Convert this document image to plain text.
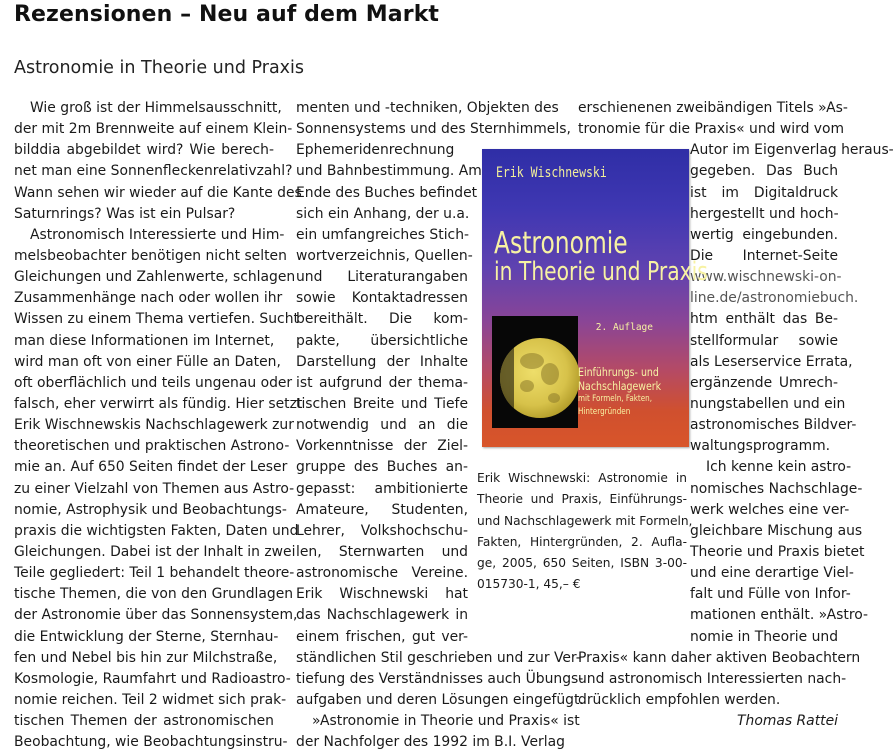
Rezensionen – Neu auf dem Markt
Astronomie in Theorie und Praxis
Wie groß ist der Himmelsausschnitt,
der mit 2m Brennweite auf einem Klein-
bilddia abgebildet wird? Wie berech-
net man eine Sonnenfleckenrelativzahl?
Wann sehen wir wieder auf die Kante des
Saturnrings? Was ist ein Pulsar?
Astronomisch Interessierte und Him-
melsbeobachter benötigen nicht selten
Gleichungen und Zahlenwerte, schlagen
Zusammenhänge nach oder wollen ihr
Wissen zu einem Thema vertiefen. Sucht
man diese Informationen im Internet,
wird man oft von einer Fülle an Daten,
oft oberflächlich und teils ungenau oder
falsch, eher verwirrt als fündig. Hier setzt
Erik Wischnewskis Nachschlagewerk zur
theoretischen und praktischen Astrono-
mie an. Auf 650 Seiten findet der Leser
zu einer Vielzahl von Themen aus Astro-
nomie, Astrophysik und Beobachtungs-
praxis die wichtigsten Fakten, Daten und
Gleichungen. Dabei ist der Inhalt in zwei
Teile gegliedert: Teil 1 behandelt theore-
tische Themen, die von den Grundlagen
der Astronomie über das Sonnensystem,
die Entwicklung der Sterne, Sternhau-
fen und Nebel bis hin zur Milchstraße,
Kosmologie, Raumfahrt und Radioastro-
nomie reichen. Teil 2 widmet sich prak-
tischen Themen der astronomischen
Beobachtung, wie Beobachtungsinstru-
menten und -techniken, Objekten des
Sonnensystems und des Sternhimmels,
Ephemeridenrechnung
und Bahnbestimmung. Am
Ende des Buches befindet
sich ein Anhang, der u.a.
ein umfangreiches Stich-
wortverzeichnis, Quellen-
und Literaturangaben
sowie Kontaktadressen
bereithält. Die kom-
pakte, übersichtliche
Darstellung der Inhalte
ist aufgrund der thema-
tischen Breite und Tiefe
notwendig und an die
Vorkenntnisse der Ziel-
gruppe des Buches an-
gepasst: ambitionierte
Amateure, Studenten,
Lehrer, Volkshochschu-
len, Sternwarten und
astronomische Vereine.
Erik Wischnewski hat
das Nachschlagewerk in
einem frischen, gut ver-
ständlichen Stil geschrieben und zur Ver-
tiefung des Verständnisses auch Übungs-
aufgaben und deren Lösungen eingefügt.
»Astronomie in Theorie und Praxis« ist
der Nachfolger des 1992 im B.I. Verlag
erschienenen zweibändigen Titels »As-
tronomie für die Praxis« und wird vom
Autor im Eigenverlag heraus-
gegeben. Das Buch
ist im Digitaldruck
hergestellt und hoch-
wertig eingebunden.
Die Internet-Seite
www.wischnewski-on-
line.de/astronomiebuch.
htm enthält das Be-
stellformular sowie
als Leserservice Errata,
ergänzende Umrech-
nungstabellen und ein
astronomisches Bildver-
waltungsprogramm.
Ich kenne kein astro-
nomisches Nachschlage-
werk welches eine ver-
gleichbare Mischung aus
Theorie und Praxis bietet
und eine derartige Viel-
falt und Fülle von Infor-
mationen enthält. »Astro-
nomie in Theorie und
Praxis« kann daher aktiven Beobachtern
und astronomisch Interessierten nach-
drücklich empfohlen werden.
Thomas Rattei
Erik Wischnewski
Astronomie
in Theorie und Praxis
2. Auflage
Einführungs- und
Nachschlagewerk
mit Formeln, Fakten,
Hintergründen
Erik Wischnewski: Astronomie in
Theorie und Praxis, Einführungs-
und Nachschlagewerk mit Formeln,
Fakten, Hintergründen, 2. Aufla-
ge, 2005, 650 Seiten, ISBN 3-00-
015730-1, 45,– €
